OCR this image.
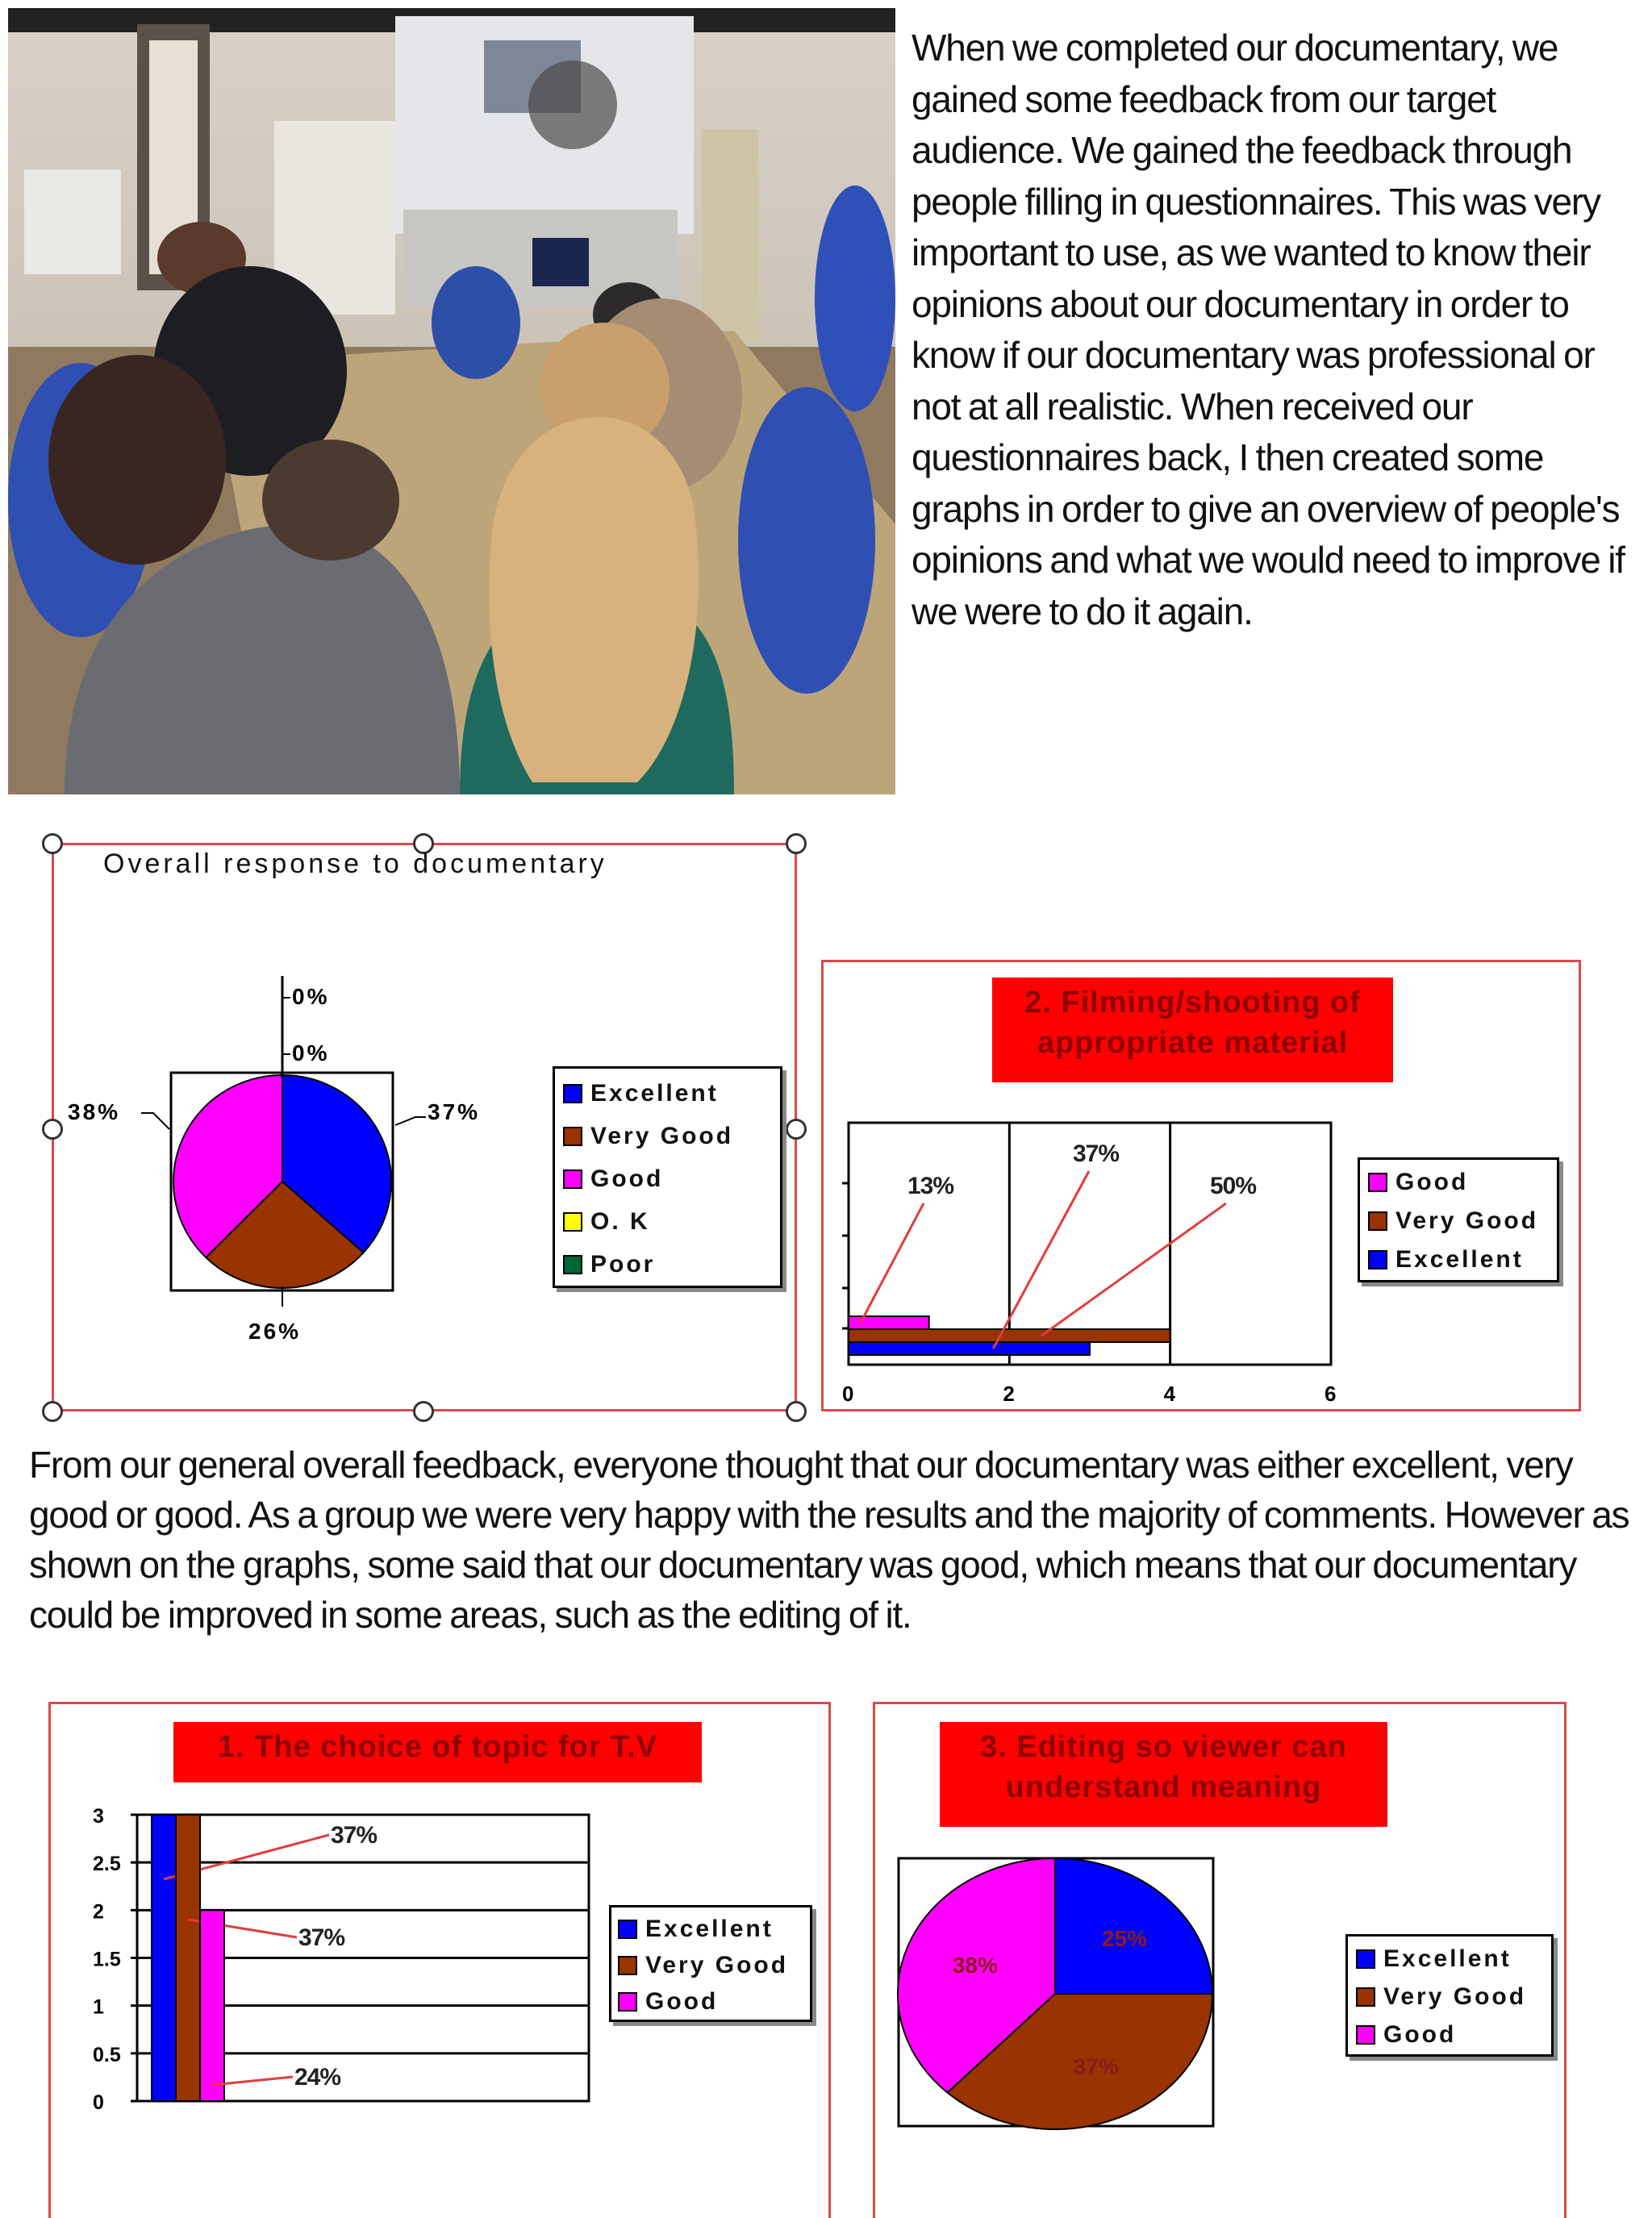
When we completed our documentary, we gained some feedback from our target audience. We gained the feedback through people filling in questionnaires. This was very important to use, as we wanted to know their opinions about our documentary in order to know if our documentary was professional or not at all realistic. When received our questionnaires back, I then created some graphs in order to give an overview of people's opinions and what we would need to improve if we were to do it again.

Overall response to documentary
0%
0%
37%
38%
26%
Excellent
Very Good
Good
O. K
Poor
2. Filming/shooting of appropriate material
0	2	4	6
13%
37%
50%	Good
Very Good
Excellent

From our general overall feedback, everyone thought that our documentary was either excellent, very good or good. As a group we were very happy with the results and the majority of comments. However as shown on the graphs, some said that our documentary was good, which means that our documentary could be improved in some areas, such as the editing of it.

1. The choice of topic for T.V
0
0.5
1
1.5
2
2.5
3
37%
37%
24%
Excellent
Very Good
Good
3. Editing so viewer can understand meaning
25%
37%
38%	Excellent
Very Good
Good
